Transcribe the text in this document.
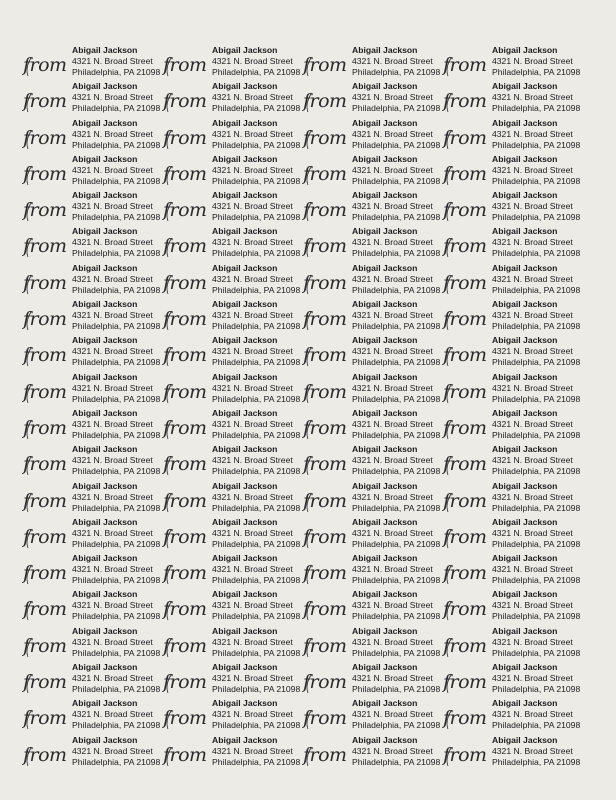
from
Abigail Jackson
4321 N. Broad Street
Philadelphia, PA 21098 from
Abigail Jackson
4321 N. Broad Street
Philadelphia, PA 21098 from
Abigail Jackson
4321 N. Broad Street
Philadelphia, PA 21098 from
Abigail Jackson
4321 N. Broad Street
Philadelphia, PA 21098
from
Abigail Jackson
4321 N. Broad Street
Philadelphia, PA 21098 from
Abigail Jackson
4321 N. Broad Street
Philadelphia, PA 21098 from
Abigail Jackson
4321 N. Broad Street
Philadelphia, PA 21098 from
Abigail Jackson
4321 N. Broad Street
Philadelphia, PA 21098
from
Abigail Jackson
4321 N. Broad Street
Philadelphia, PA 21098 from
Abigail Jackson
4321 N. Broad Street
Philadelphia, PA 21098 from
Abigail Jackson
4321 N. Broad Street
Philadelphia, PA 21098 from
Abigail Jackson
4321 N. Broad Street
Philadelphia, PA 21098
from
Abigail Jackson
4321 N. Broad Street
Philadelphia, PA 21098 from
Abigail Jackson
4321 N. Broad Street
Philadelphia, PA 21098 from
Abigail Jackson
4321 N. Broad Street
Philadelphia, PA 21098 from
Abigail Jackson
4321 N. Broad Street
Philadelphia, PA 21098
from
Abigail Jackson
4321 N. Broad Street
Philadelphia, PA 21098 from
Abigail Jackson
4321 N. Broad Street
Philadelphia, PA 21098 from
Abigail Jackson
4321 N. Broad Street
Philadelphia, PA 21098 from
Abigail Jackson
4321 N. Broad Street
Philadelphia, PA 21098
from
Abigail Jackson
4321 N. Broad Street
Philadelphia, PA 21098 from
Abigail Jackson
4321 N. Broad Street
Philadelphia, PA 21098 from
Abigail Jackson
4321 N. Broad Street
Philadelphia, PA 21098 from
Abigail Jackson
4321 N. Broad Street
Philadelphia, PA 21098
from
Abigail Jackson
4321 N. Broad Street
Philadelphia, PA 21098 from
Abigail Jackson
4321 N. Broad Street
Philadelphia, PA 21098 from
Abigail Jackson
4321 N. Broad Street
Philadelphia, PA 21098 from
Abigail Jackson
4321 N. Broad Street
Philadelphia, PA 21098
from
Abigail Jackson
4321 N. Broad Street
Philadelphia, PA 21098 from
Abigail Jackson
4321 N. Broad Street
Philadelphia, PA 21098 from
Abigail Jackson
4321 N. Broad Street
Philadelphia, PA 21098 from
Abigail Jackson
4321 N. Broad Street
Philadelphia, PA 21098
from
Abigail Jackson
4321 N. Broad Street
Philadelphia, PA 21098 from
Abigail Jackson
4321 N. Broad Street
Philadelphia, PA 21098 from
Abigail Jackson
4321 N. Broad Street
Philadelphia, PA 21098 from
Abigail Jackson
4321 N. Broad Street
Philadelphia, PA 21098
from
Abigail Jackson
4321 N. Broad Street
Philadelphia, PA 21098 from
Abigail Jackson
4321 N. Broad Street
Philadelphia, PA 21098 from
Abigail Jackson
4321 N. Broad Street
Philadelphia, PA 21098 from
Abigail Jackson
4321 N. Broad Street
Philadelphia, PA 21098
from
Abigail Jackson
4321 N. Broad Street
Philadelphia, PA 21098 from
Abigail Jackson
4321 N. Broad Street
Philadelphia, PA 21098 from
Abigail Jackson
4321 N. Broad Street
Philadelphia, PA 21098 from
Abigail Jackson
4321 N. Broad Street
Philadelphia, PA 21098
from
Abigail Jackson
4321 N. Broad Street
Philadelphia, PA 21098 from
Abigail Jackson
4321 N. Broad Street
Philadelphia, PA 21098 from
Abigail Jackson
4321 N. Broad Street
Philadelphia, PA 21098 from
Abigail Jackson
4321 N. Broad Street
Philadelphia, PA 21098
from
Abigail Jackson
4321 N. Broad Street
Philadelphia, PA 21098 from
Abigail Jackson
4321 N. Broad Street
Philadelphia, PA 21098 from
Abigail Jackson
4321 N. Broad Street
Philadelphia, PA 21098 from
Abigail Jackson
4321 N. Broad Street
Philadelphia, PA 21098
from
Abigail Jackson
4321 N. Broad Street
Philadelphia, PA 21098 from
Abigail Jackson
4321 N. Broad Street
Philadelphia, PA 21098 from
Abigail Jackson
4321 N. Broad Street
Philadelphia, PA 21098 from
Abigail Jackson
4321 N. Broad Street
Philadelphia, PA 21098
from
Abigail Jackson
4321 N. Broad Street
Philadelphia, PA 21098 from
Abigail Jackson
4321 N. Broad Street
Philadelphia, PA 21098 from
Abigail Jackson
4321 N. Broad Street
Philadelphia, PA 21098 from
Abigail Jackson
4321 N. Broad Street
Philadelphia, PA 21098
from
Abigail Jackson
4321 N. Broad Street
Philadelphia, PA 21098 from
Abigail Jackson
4321 N. Broad Street
Philadelphia, PA 21098 from
Abigail Jackson
4321 N. Broad Street
Philadelphia, PA 21098 from
Abigail Jackson
4321 N. Broad Street
Philadelphia, PA 21098
from
Abigail Jackson
4321 N. Broad Street
Philadelphia, PA 21098 from
Abigail Jackson
4321 N. Broad Street
Philadelphia, PA 21098 from
Abigail Jackson
4321 N. Broad Street
Philadelphia, PA 21098 from
Abigail Jackson
4321 N. Broad Street
Philadelphia, PA 21098
from
Abigail Jackson
4321 N. Broad Street
Philadelphia, PA 21098 from
Abigail Jackson
4321 N. Broad Street
Philadelphia, PA 21098 from
Abigail Jackson
4321 N. Broad Street
Philadelphia, PA 21098 from
Abigail Jackson
4321 N. Broad Street
Philadelphia, PA 21098
from
Abigail Jackson
4321 N. Broad Street
Philadelphia, PA 21098 from
Abigail Jackson
4321 N. Broad Street
Philadelphia, PA 21098 from
Abigail Jackson
4321 N. Broad Street
Philadelphia, PA 21098 from
Abigail Jackson
4321 N. Broad Street
Philadelphia, PA 21098
from
Abigail Jackson
4321 N. Broad Street
Philadelphia, PA 21098 from
Abigail Jackson
4321 N. Broad Street
Philadelphia, PA 21098 from
Abigail Jackson
4321 N. Broad Street
Philadelphia, PA 21098 from
Abigail Jackson
4321 N. Broad Street
Philadelphia, PA 21098
